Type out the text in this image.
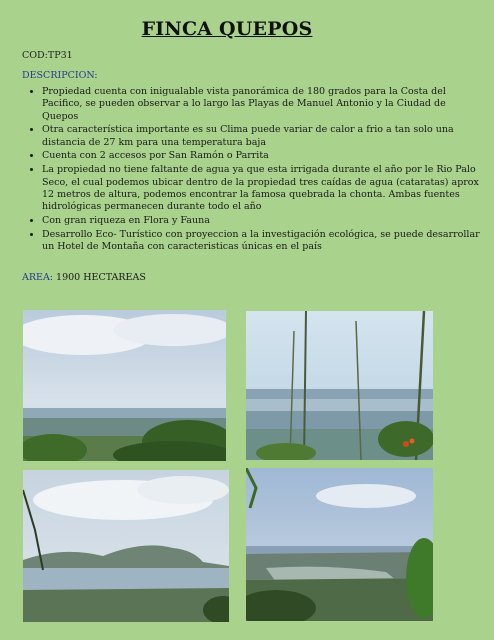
FINCA QUEPOS
COD:TP31
DESCRIPCION:
• Propiedad cuenta con inigualable vista panorámica de 180 grados para la Costa del Pacifico, se pueden observar a lo largo las Playas de Manuel Antonio y la Ciudad de Quepos
• Otra característica importante es su Clima puede variar de calor a frio a tan solo una distancia de 27 km para una temperatura baja
• Cuenta con 2 accesos por San Ramón o Parrita
• La propiedad no tiene faltante de agua ya que esta irrigada durante el año por le Rio Palo Seco, el cual podemos ubicar dentro de la propiedad tres caídas de agua (cataratas) aprox 12 metros de altura, podemos encontrar la famosa quebrada la chonta. Ambas fuentes hidrológicas permanecen durante todo el año
• Con gran riqueza en Flora y Fauna
• Desarrollo Eco- Turístico con proyeccion a la investigación ecológica, se puede desarrollar un Hotel de Montaña con caracteristicas únicas en el país
AREA: 1900 HECTAREAS
